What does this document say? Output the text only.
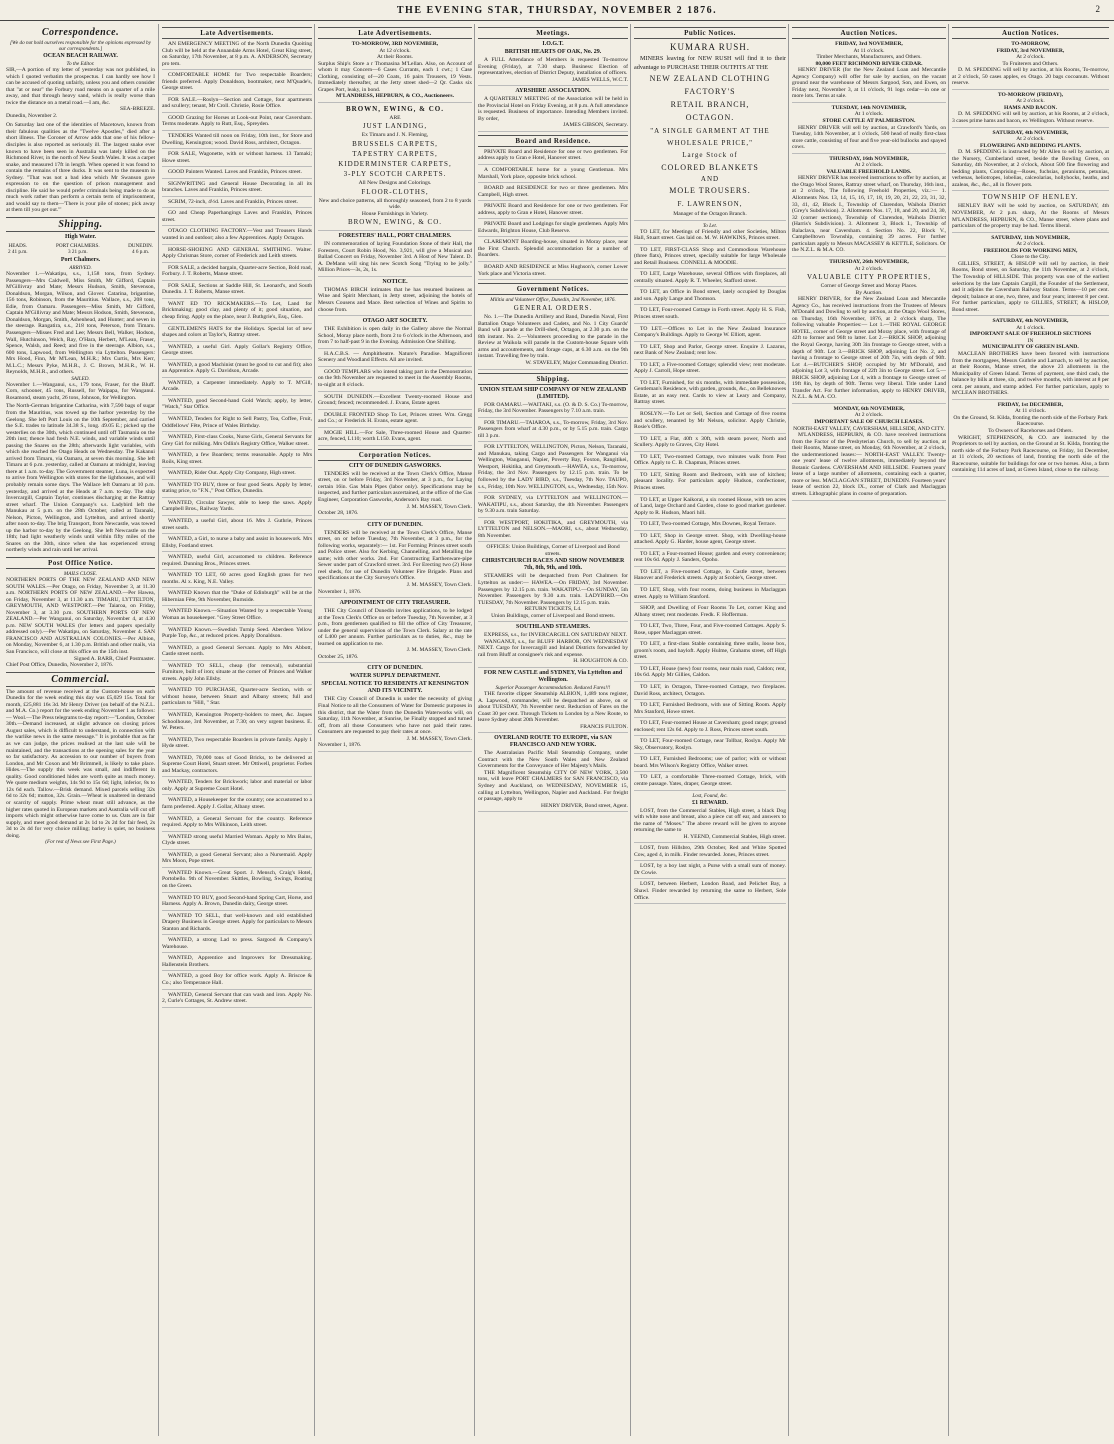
THE EVENING STAR, THURSDAY, NOVEMBER 2 1876.	2
Correspondence.
[We do not hold ourselves responsible for the opinions expressed by our correspondents.]
OCEAN BEACH RAILWAY.
To the Editor.
SIR,—A portion of my letter of yesterday was not published, in which I quoted verbatim the prospectus. I can hardly see how I can be accused of quoting unfairly, unless you and others consider that "at or near" the Forbury road means on a quarter of a mile away, and that through heavy sand, which is really worse than twice the distance on a metal road.—I am, &c.
SEA-BREEZE.
Dunedin, November 2.
On Saturday last one of the identities of Macetown, known from their fabulous qualities as the "Twelve Apostles," died after a short illness. The Coroner of Arrow adds that one of his fellow-disciples is also reported as seriously ill. The largest snake ever known to have been seen in Australia was lately killed on the Richmond River, in the north of New South Wales. It was a carpet snake, and measured 17ft in length. When opened it was found to contain the remains of three ducks. It was sent to the museum in Sydney. "That was not a bad idea which Mr Swanson gave expression to on the question of prison management and discipline. He said he would prefer criminals being made to do as much work rather than perform a certain term of imprisonment, and would say to them—'There is your pile of stones; pick away at them till you get out.'"
Shipping.
High Water.
HEADS.
2 41 p.m.
PORT CHALMERS.
3 21 p.m.
DUNEDIN.
4 6 p.m.
Port Chalmers.
ARRIVED.
November 1.—Wakatipu, s.s., 1,158 tons, from Sydney. Passengers—Mrs Caldwell, Miss Smith, Mr Gifford, Captain M'Gillivray and Mate; Messrs Hudson, Smith, Stevenson, Donaldson, Morgan, Wilson, and Glover. Catarina, brigantine, 156 tons, Robinson, from the Mauritius. Wallace, s.s., 208 tons, Edie, from Oamaru. Passengers—Miss Smith, Mr Gifford, Captain M'Gillivray and Mate; Messrs Hodson, Smith, Stevenson, Donaldson, Morgan, Smith, Ashenhead, and Hunter; and seven in the steerage. Rangatira, s.s., 218 tons, Peterson, from Timaru. Passengers—Misses Fred and Lee; Messrs Bell, Walker, Hodson, Wall, Hutchinson, Welch, Ray, O'Hara, Herbert, M'Lean, Fraser, Spence, Walsh, and Reed; and five in the steerage. Albion, s.s., 600 tons, Lapwood, from Wellington via Lyttelton. Passengers: Mrs Hood, Finn, Mr M'Lean, M.H.R.; Mrs Curtis, Mrs Kerr, M.L.C.; Messrs Pyke, M.H.R., J. C. Brown, M.H.R., W. H. Reynolds, M.H.R., and others.
SAILED.
November 1.—Wanganui, s.s., 179 tons, Fraser, for the Bluff. Corn, schooner, 45 tons, Russell, for Waipapa, for Wanganui. Rosamond, steam yacht, 26 tons, Johnson, for Wellington.
The North-German brigantine Catharina, with 7,590 bags of sugar from the Mauritius, was towed up the harbor yesterday by the Geelong. She left Port Louis on the 10th September, and carried the S.E. trades to latitude 34.38 S., long. 49.05 E.; picked up the westerlies on the 30th, which continued until off Tasmania on the 20th inst; thence had fresh N.E. winds, and variable winds until passing the Snares on the 28th; afterwards light variables, with which she reached the Otago Heads on Wednesday. The Kakanui arrived from Timaru, via Oamaru, at seven this morning. She left Timaru at 6 p.m. yesterday, called at Oamaru at midnight, leaving there at 1 a.m. to-day. The Government steamer, Luna, is expected to arrive from Wellington with stores for the lighthouses, and will probably remain some days. The Wallace left Oamaru at 10 p.m. yesterday, and arrived at the Heads at 7 a.m. to-day. The ship Invercargill, Captain Taylor, continues discharging at the Rattray street wharf. The Union Company's s.s. Ladybird left the Manukau at 5 p.m. on the 28th October, called at Taranaki, Nelson, Picton, Wellington, and Lyttelton, and arrived shortly after noon to-day. The brig Transport, from Newcastle, was towed up the harbor to-day by the Geelong. She left Newcastle on the 18th; had light weatherly winds until within fifty miles of the Snares on the 30th, since when she has experienced strong northerly winds and rain until her arrival.
Post Office Notice.
MAILS CLOSE.
NORTHERN PORTS OF THE NEW ZEALAND AND NEW SOUTH WALES.—Per Otago, on Friday, November 3, at 11.30 a.m. NORTHERN PORTS OF NEW ZEALAND.—Per Hawea, on Friday, November 3, at 11.30 a.m. TIMARU, LYTTELTON, GREYMOUTH, AND WESTPORT.—Per Taiaroa, on Friday, November 3, at 3.30 p.m. SOUTHERN PORTS OF NEW ZEALAND.—Per Wanganui, on Saturday, November 4, at 4.30 p.m. NEW SOUTH WALES (for letters and papers specially addressed only).—Per Wakatipu, on Saturday, November 4. SAN FRANCISCO AND AUSTRALIAN COLONIES.—Per Albion, on Monday, November 6, at 1.30 p.m. British and other mails, via San Francisco, will close at this office on the 15th inst.
Signed A. BARR, Chief Postmaster.
Chief Post Office, Dunedin, November 2, 1876.
Commercial.
The amount of revenue received at the Custom-house on each Dunedin for the week ending this day was £5,029 15s. Total for month, £25,881 16s 3d. Mr Henry Driver (on behalf of the N.Z.L. and M.A. Co.) report for the week ending November 1 as follows:— Wool.—The Press telegrams to-day report:—"London, October 30th.—Demand increased, at slight advance on closing prices August sales, which is difficult to understand, in connection with the warlike news in the same message." It is probable that as far as we can judge, the prices realised at the last sale will be maintained, and the transactions at the opening sales for the year so far satisfactory. As accession to our number of buyers from London, and Mr Coxon and Mr Brimmell, is likely to take place. Hides.—The supply this week was small, and indifferent in quality. Good conditioned hides are worth quite as much money. We quote medium weights, 14s 9d to 15s 6d; light, inferior, 8s to 12s 6d each. Tallow.—Brisk demand. Mixed parcels selling 32s 6d to 32s 6d; mutton, 32s. Grain.—Wheat is unaltered in demand or scarcity of supply. Prime wheat must still advance, as the higher rates quoted in European markets and Australia will cut off imports which might otherwise have come to us. Oats are in fair supply, and meet good demand at 2s 1d to 2s 2d for fair feed, 2s 3d to 2s 4d for very choice milling; barley is quiet, no business doing.
(For rest of News see First Page.)
Late Advertisements.
AN EMERGENCY MEETING of the North Dunedin Quoiting Club will be held at the Annandale Arms Hotel, Great King street, on Saturday, 17th November, at 8 p.m. A. ANDERSON, Secretary pro tem.
COMFORTABLE HOME for Two respectable Boarders; friends preferred. Apply Donaldson, bootmaker, next M'Quade's, George street.
FOR SALE.—Roslyn—Section and Cottage, four apartments and scullery; tenant, Mr Croll. Christie, Rosie Office.
GOOD Grazing for Horses at Look-out Point, near Caversham. Terms moderate. Apply to Rutt, Esq., Spreyden.
TENDERS Wanted till noon on Friday, 10th inst., for Store and Dwelling, Kensington; wood. David Ross, architect, Octagon.
FOR SALE, Wagonette, with or without harness. 13 Tamaki; Howe street.
GOOD Painters Wanted. Laves and Franklin, Princes street.
SIGNWRITING and General House Decorating in all its branches. Laves and Franklin, Princes street.
SCRIM, 72-inch, 4½d. Laves and Franklin, Princes street.
GO and Cheap Paperhangings Laves and Franklin, Princes street.
OTAGO CLOTHING FACTORY.—Vest and Trousers Hands wanted in and outdoor; also a few Apprentices. Apply Octagon.
HORSE-SHOEING AND GENERAL SMITHING. Walter. Apply Chrismas Store, corner of Frederick and Leith streets.
FOR SALE, a decided bargain, Quarter-acre Section, Bold road, Forbury. J. T. Roberts, Manse street.
FOR SALE, Sections at Saddle Hill, St. Leonard's, and South Dunedin. J. T. Roberts, Manse street.
WANT ED TO RICKMAKERS.—To Let, Land for Brickmaking; good clay, and plenty of it; good situation, and cheap firing. Apply on the place, near J. Buthgrie's, Esq., Glen.
GENTLEMEN'S HATS for the Holidays. Special lot of new shapes and colors at Taylor's, Rattray street.
WANTED, a useful Girl. Apply Gollar's Registry Office, George street.
WANTED, a good Machinist (must be good to cut and fit); also an Apprentice. Apply G. Davidson, Arcade.
WANTED, a Carpenter immediately. Apply to T. M'Gill, Arcade.
WANTED, good Second-hand Gold Watch; apply, by letter, "Watch," Star Office.
WANTED, Tenders for Right to Sell Pastry, Tea, Coffee, Fruit, Oddfellows' Fête, Prince of Wales Birthday.
WANTED, First-class Cooks, Nurse Girls, General Servants for Grey Girl for milking. Mrs Odlin's Registry Office, Walker street.
WANTED, a few Boarders; terms reasonable. Apply to Mrs Roils, King street.
WANTED, Rider Out. Apply City Company, High street.
WANTED TO BUY, three or four good Seats. Apply by letter, stating price, to "F.N.," Post Office, Dunedin.
WANTED, Circular Sawyer, able to keep the saws. Apply Campbell Bros., Railway Yards.
WANTED, a useful Girl, about 16. Mrs J. Guthrie, Princes street south.
WANTED, a Girl, to nurse a baby and assist in housework. Mrs Ellsby, Footland street.
WANTED, useful Girl, accustomed to children. Reference required. Dunning Bros., Princes street.
WANTED TO LET, 60 acres good English grass for two months. Al x. King, N.E. Valley.
WANTED Known that the "Duke of Edinburgh" will be at the Hibernian Fête, 9th November, Burnside.
WANTED Known.—Situation Wanted by a respectable Young Woman as housekeeper. "Grey Street Office.
WANTED Known.—Swedish Turnip Seed. Aberdeen Yellow Purple Top, &c., at reduced prices. Apply Donaldson.
WANTED, a good General Servant. Apply to Mrs Abbott, Castle street north.
WANTED TO SELL, cheap (for removal), substantial Furniture, built of iron; situate at the corner of Princes and Walker streets. Apply John Ellsby.
WANTED TO PURCHASE, Quarter-acre Section, with or without house, between Stuart and Albany streets; full and particulars to "Hill, " Star.
WANTED, Kensington Property-holders to meet, &c. Jaques Schoolhouse, 3rd November, at 7.30; on very urgent business. E. W. Peters.
WANTED, Two respectable Boarders in private family. Apply 1 Hyde street.
WANTED, 70,000 tons of Good Bricks, to be delivered at Supreme Court Hotel, Stuart street. Mr Ottiwell, proprietor. Forbes and Mackay, contractors.
WANTED, Tenders for Brickwork; labor and material or labor only. Apply at Supreme Court Hotel.
WANTED, a Housekeeper for the country; one accustomed to a farm preferred. Apply J. Gollar, Albany street.
WANTED, a General Servant for the country. Reference required. Apply to Mrs Wilkinson, Leith street.
WANTED strong useful Married Woman. Apply to Mrs Bains, Clyde street.
WANTED, a good General Servant; also a Nursemaid. Apply Mrs Moon, Pope street.
WANTED Known.—Great Sport. J. Mensch, Craig's Hotel, Portobello. 9th of November. Skittles, Bowling, Swings, Boating on the Green.
WANTED TO BUY, good Second-hand Spring Cart, Horse, and Harness. Apply A. Brown, Dunedin dairy, George street.
WANTED TO SELL, that well-known and old established Drapery Business in George street. Apply for particulars to Messrs Stanton and Richards.
WANTED, a strong Lad to press. Sargood & Company's Warehouse.
WANTED, Apprentice and Improvers for Dressmaking. Hallenstein Brothers.
WANTED, a good Boy for office work. Apply A. Briscoe & Co.; also Temperance Hall.
WANTED, General Servant that can wash and iron. Apply No. 2, Curle's Cottages, St. Andrew street.
Late Advertisements.
TO-MORROW, 3RD NOVEMBER,
At 12 o'clock.
At their Rooms.
Surplus Ship's Store a r Thomasina M'Lellan. Also, on Account of whom it may Concern—6 Cases Currants, each 1 cwt.; 1 Case Clothing, consisting of—20 Coats, 16 pairs Trousers, 19 Vests. Immediately thereafter, at the Jetty street shed—2 Qr. Casks six Grapes Port, leaky, in bond.
M'LANDRESS, HEPBURN, & CO., Auctioneers.
BROWN, EWING, & CO.
ARE
JUST LANDING,
Ex Timaru and J. N. Fleming,
BRUSSELS CARPETS,
TAPESTRY CARPETS,
KIDDERMINSTER CARPETS,
3-PLY SCOTCH CARPETS.
All New Designs and Colorings.
FLOOR-CLOTHS,
New and choice patterns, all thoroughly seasoned, from 2 to 8 yards wide.
House Furnishings in Variety.
BROWN, EWING, & CO.
FORESTERS' HALL, PORT CHALMERS.
IN commemoration of laying Foundation Stone of their Hall, the Foresters, Court Robin Hood, No. 3,921, will give a Musical and Ballad Concert on Friday, November 3rd. A Host of New Talent. D. A. DeMann will sing his new Scotch Song "Trying to be jolly." Million Prices—3s, 2s, 1s.
NOTICE.
THOMAS BIRCH intimates that he has resumed business as Wine and Spirit Merchant, in Jetty street, adjoining the hotels of Messrs Cousens and Mace. Best selection of Wines and Spirits to choose from.
OTAGO ART SOCIETY.
THE Exhibition is open daily in the Gallery above the Normal School, Moray place north, from 2 to 6 o'clock in the Afternoon, and from 7 to half-past 9 in the Evening. Admission One Shilling.
H.A.C.B.S. — Amphitheatre. Nature's Paradise. Magnificent Scenery and Woodland Effects. All are invited.
GOOD TEMPLARS who intend taking part in the Demonstration on the 9th November are requested to meet in the Assembly Rooms, to-night at 8 o'clock.
SOUTH DUNEDIN.—Excellent Twenty-roomed House and Ground; fenced; recommended. J. Evans, Estate agent.
DOUBLE FRONTED Shop To Let, Princes street. Wm. Gregg and Co.; or Frederick H. Evans, estate agent.
MOGIE HILL.—For Sale, Three-roomed House and Quarter-acre, fenced, L110; worth L150. Evans, agent.
Corporation Notices.
CITY OF DUNEDIN GASWORKS.
TENDERS will be received at the Town Clerk's Office, Manse street, on or before Friday, 3rd November, at 3 p.m., for Laying certain 16in. Gas Main Pipes (labor only). Specifications may be inspected, and further particulars ascertained, at the office of the Gas Engineer, Corporation Gasworks, Anderson's Bay road.
J. M. MASSEY, Town Clerk.
October 28, 1876.
CITY OF DUNEDIN.
TENDERS will be received at the Town Clerk's Office, Manse street, on or before Tuesday, 7th November, at 3 p.m., for the following works, separately:— 1st. For Forming Princes street south and Police street. Also for Kerbing, Channelling, and Metalling the same; with other works. 2nd. For Constructing Earthenware-pipe Sewer under part of Crawford street. 3rd. For Erecting two (2) Hose reel sheds, for use of Dunedin Volunteer Fire Brigade. Plans and specifications at the City Surveyor's Office.
J. M. MASSEY, Town Clerk.
November 1, 1876.
APPOINTMENT OF CITY TREASURER.
THE City Council of Dunedin invites applications, to be lodged at the Town Clerk's Office on or before Tuesday, 7th November, at 3 p.m., from gentlemen qualified to fill the office of City Treasurer, under the general supervision of the Town Clerk. Salary at the rate of L400 per annum. Further particulars as to duties, &c., may be learned on application to me.
J. M. MASSEY, Town Clerk.
October 25, 1876.
CITY OF DUNEDIN.
WATER SUPPLY DEPARTMENT.
SPECIAL NOTICE TO RESIDENTS AT KENSINGTON AND ITS VICINITY.
THE City Council of Dunedin is under the necessity of giving Final Notice to all the Consumers of Water for Domestic purposes in this district, that the Water from the Dunedin Waterworks will, on Saturday, 11th November, at Sunrise, be Finally stopped and turned off, from all those Consumers who have not paid their rates. Consumers are requested to pay their rates at once.
J. M. MASSEY, Town Clerk.
November 1, 1876.
Meetings.
I.O.G.T.
BRITISH HEARTS OF OAK, No. 29.
A FULL Attendance of Members is requested To-morrow Evening (Friday), at 7.30 sharp. Business: Election of representatives, election of District Deputy, installation of officers.
JAMES WELLS, W.C.T.
AYRSHIRE ASSOCIATION.
A QUARTERLY MEETING of the Association will be held in the Provincial Hotel on Friday Evening, at 8 p.m. A full attendance is requested. Business of importance. Intending Members invited. By order,
JAMES GIBSON, Secretary.
Board and Residence.
PRIVATE Board and Residence for one or two gentlemen. For address apply to Gran e Hotel, Hanover street.
A COMFORTABLE home for a young Gentleman. Mrs Marshall, York place, opposite brick school.
BOARD and RESIDENCE for two or three gentlemen. Mrs Campbell, High street.
PRIVATE Board and Residence for one or two gentlemen. For address, apply to Gran e Hotel, Hanover street.
PRIVATE Board and Lodgings for single gentlemen. Apply Mrs Edwards, Brighton House, Club Reserve.
CLAREMONT Boarding-house, situated in Moray place, near the First Church. Splendid accommodation for a number of Boarders.
BOARD AND RESIDENCE at Miss Hughson's, corner Lower York place and Victoria street.
Government Notices.
Militia and Volunteer Office, Dunedin, 2nd November, 1876.
GENERAL ORDERS.
No. 1.—The Dunedin Artillery and Band, Dunedin Naval, First Battalion Otago Volunteers and Cadets, and No. 1 City Guards' Band will parade at the Drill-shed, Octagon, at 2.30 p.m. on the 8th instant. No. 2.—Volunteers proceeding to the parade in the Review at Waikola will parade in the Custom-house Square with arms and accoutrements, and forage caps, at 6.30 a.m. on the 9th instant. Travelling free by train.
W. STAVELEY, Major Commanding District.
Shipping.
UNION STEAM SHIP COMPANY OF NEW ZEALAND (LIMITED).
FOR OAMARU.—WAITAKI, s.s. (O. & D. S. Co.) To-morrow, Friday, the 3rd November. Passengers by 7.10 a.m. train.
FOR TIMARU.—TAIAROA, s.s., To-morrow, Friday, 3rd Nov. Passengers from wharf at 4.30 p.m., or by 5.15 p.m. train. Cargo till 3 p.m.
FOR LYTTELTON, WELLINGTON, Picton, Nelson, Taranaki, and Manukau, taking Cargo and Passengers for Wanganui via Wellington, Wanganui, Napier, Poverty Bay, Foxton, Rangitikei, Westport, Hokitika, and Greymouth.—HAWEA, s.s., To-morrow, Friday, the 3rd Nov. Passengers by 12.15 p.m. train. To be followed by the LADY BIRD, s.s., Tuesday, 7th Nov. TAUPO, s.s., Friday, 10th Nov. WELLINGTON, s.s., Wednesday, 15th Nov.
FOR SYDNEY, via LYTTELTON and WELLINGTON.—WAKATIPU, s.s., about Saturday, the 4th November. Passengers by 9.30 a.m. train Saturday.
FOR WESTPORT, HOKITIKA, and GREYMOUTH, via LYTTELTON and NELSON.—MAORI, s.s., about Wednesday, 8th November.
OFFICES: Union Buildings, Corner of Liverpool and Bond streets.
CHRISTCHURCH RACES AND SHOW NOVEMBER 7th, 8th, 9th, and 10th.
STEAMERS will be despatched from Port Chalmers for Lyttelton as under:— HAWEA.—On FRIDAY, 3rd November. Passengers by 12.15 p.m. train. WAKATIPU.—On SUNDAY, 5th November. Passengers by 9.30 a.m. train. LADYBIRD.—On TUESDAY, 7th November. Passengers by 12.15 p.m. train.
RETURN TICKETS, L4.
Union Buildings, corner of Liverpool and Bond streets.
SOUTHLAND STEAMERS.
EXPRESS, s.s., for INVERCARGILL ON SATURDAY NEXT.
WANGANUI, s.s., for BLUFF HARBOR, ON WEDNESDAY NEXT. Cargo for Invercargill and Inland Districts forwarded by rail from Bluff at consignee's risk and expense.
H. HOUGHTON & CO.
FOR NEW CASTLE and SYDNEY, Via Lyttelton and Wellington.
Superior Passenger Accommodation. Reduced Fares!!!
THE favorite clipper Steamship ALBION, 1,489 tons register, A. Lapwood, commander, will be despatched as above, on or about TUESDAY, 7th November next. Reduction of Fares on the Coast 30 per cent. Through Tickets to London by a New Route, to leave Sydney about 20th November.
FRANCIS FULTON.
OVERLAND ROUTE TO EUROPE, via SAN FRANCISCO AND NEW YORK.
The Australasian Pacific Mail Steamship Company, under Contract with the New South Wales and New Zealand Governments for the Conveyance of Her Majesty's Mails.
THE Magnificent Steamship CITY OF NEW YORK, 3,500 tons, will leave PORT CHALMERS for SAN FRANCISCO, via Sydney and Auckland, on WEDNESDAY, NOVEMBER 15, calling at Lyttelton, Wellington, Napier and Auckland. For freight or passage, apply to
HENRY DRIVER, Bond street, Agent.
Public Notices.
KUMARA RUSH.
MINERS leaving for NEW RUSH will find it to their advantage to PURCHASE THEIR OUTFITS AT THE
NEW ZEALAND CLOTHING
FACTORY'S
RETAIL BRANCH,
OCTAGON.
"A SINGLE GARMENT AT THE WHOLESALE PRICE,"
Large Stock of
COLORED BLANKETS
AND
MOLE TROUSERS.
F. LAWRENSON,
Manager of the Octagon Branch.
To Let.
TO LET, for Meetings of Friendly and other Societies, Milton Hall, Stuart street. Gas laid on. M. W. HAWKINS, Princes street.
TO LET, FIRST-CLASS Shop and Commodious Warehouse (three flats), Princes street, specially suitable for large Wholesale and Retail Business. CONNELL & MOODIE.
TO LET, Large Warehouse, several Offices with fireplaces, all centrally situated. Apply R. T. Wheeler, Stafford street.
TO LET, an Office in Bond street, lately occupied by Douglas and son. Apply Lange and Thomson.
TO LET, Four-roomed Cottage in Forth street. Apply H. S. Fish, Princes street south.
TO LET.—Offices to Let in the New Zealand Insurance Company's Buildings. Apply to George W. Elliott, agent.
TO LET, Shop and Parlor, George street. Enquire J. Lazarus, next Bank of New Zealand; rent low.
TO LET, a Five-roomed Cottage; splendid view; rent moderate. Apply J. Carroll, Hope street.
TO LET, Furnished, for six months, with immediate possession, Gentleman's Residence, with garden, grounds, &c., on Belleknowes Estate, at an easy rent. Cards to view at Leary and Company, Rattray street.
ROSLYN.—To Let or Sell, Section and Cottage of five rooms and scullery, tenanted by Mr Nelson, solicitor. Apply Christie, Rosie's Office.
TO LET, a Flat, 40ft x 30ft, with steam power, North and Scullery. Apply to Graves, City Hotel.
TO LET, Two-roomed Cottage, two minutes walk from Post Office. Apply to C. B. Chapman, Princes street.
TO LET, Sitting Room and Bedroom, with use of kitchen; pleasant locality. For particulars apply Hudson, confectioner, Princes street.
TO LET, at Upper Kaikorai, a six roomed House, with ten acres of Land, large Orchard and Garden, close to good market gardener. Apply to R. Hudson, Maori hill.
TO LET, Two-roomed Cottage, Mrs Downes, Royal Terrace.
TO LET, Shop in George street. Shop, with Dwelling-house attached. Apply G. Harder, house agent, George street.
TO LET, a Four-roomed House; garden and every convenience; rent 10s 6d. Apply J. Sanders, Opoho.
TO LET, a Five-roomed Cottage, in Castle street, between Hanover and Frederick streets. Apply at Scobie's, George street.
TO LET, Shop, with four rooms, doing business in Maclaggan street. Apply to William Stanford.
SHOP, and Dwelling of Four Rooms To Let, corner King and Albany street; rent moderate. Fredk. F. Hofferman.
TO LET, Two, Three, Four, and Five-roomed Cottages. Apply S. Rose, upper Maclaggan street.
TO LET, a first-class Stable containing three stalls, loose box, groom's room, and hayloft. Apply Hulme, Grahams street, off High street.
TO LET, House (new) four rooms, near main road, Caldon; rent, 10s 6d. Apply Mr Gillies, Caldon.
TO LET, in Octagon, Three-roomed Cottage, two fireplaces. David Ross, architect, Octagon.
TO LET, Furnished Bedroom, with use of Sitting Room. Apply Mrs Stanford, Howe street.
TO LET, Four-roomed House at Caversham; good range; ground enclosed; rent 12s 6d. Apply to J. Ross, Princes street south.
TO LET, Four-roomed Cottage, near Tollbar, Roslyn. Apply Mr Sky, Observatory, Roslyn.
TO LET, Furnished Bedrooms; use of parlor; with or without board. Mrs Wilson's Registry Office, Walker street.
TO LET, a comfortable Three-roomed Cottage, brick, with centre passage. Yates, draper, George street.
Lost, Found, &c.
£1 REWARD.
LOST, from the Commercial Stables, High street, a black Dog with white nose and breast, also a piece cut off ear, and answers to the name of "Moses." The above reward will be given to anyone returning the same to
H. YEEND, Commercial Stables, High street.
LOST, from Hillsbro, 29th October, Red and White Spotted Cow, aged 4, in milk. Finder rewarded. Jones, Princes street.
LOST, by a boy last night, a Purse with a small sum of money. Dr Cowie.
LOST, between Herbert, London Road, and Pelichet Bay, a Shawl. Finder rewarded by returning the same to Herbert, Sole Office.
Auction Notices.
FRIDAY, 3rd NOVEMBER,
At 11 o'clock.
Timber Merchants, Manufacturers, and Others.
80,000 FEET RICHMOND RIVER CEDAR.
HENRY DRIVER (for the New Zealand Loan and Mercantile Agency Company) will offer for sale by auction, on the vacant ground near the warehouse of Messrs Sargood, Son, and Ewen, on Friday next, November 3, at 11 o'clock, 91 logs cedar—in one or more lots. Terms at sale.
TUESDAY, 14th NOVEMBER,
At 1 o'clock.
STORE CATTLE AT PALMERSTON.
HENRY DRIVER will sell by auction, at Crawford's Yards, on Tuesday, 14th November, at 1 o'clock, 500 head of really first-class store cattle, consisting of four and five year-old bullocks and spayed cows.
THURSDAY, 16th NOVEMBER,
At 2 o'clock.
VALUABLE FREEHOLD LANDS.
HENRY DRIVER has received instructions to offer by auction, at the Otago Wool Stores, Rattray street wharf, on Thursday, 16th inst., at 2 o'clock, The following Freehold Properties, viz.:— 1. Allotments Nos. 13, 14, 15, 16, 17, 18, 19, 20, 21, 22, 23, 31, 32, 33, 41, 42, Block I., Township of Clarendon, Waihola District (Grey's Subdivision). 2. Allotments Nos. 17, 18, and 20, and 24, 30, 32 (corner sections), Township of Clarendon, Waihola District (Harris's Subdivision). 3. Allotment 3, Block I., Township of Balaclava, near Caversham. 4. Section No. 22, Block V., Campbelltown Township, containing 39 acres. For further particulars apply to Messrs MACASSEY & KETTLE, Solicitors. Or the N.Z.L. & M.A. CO.
THURSDAY, 26th NOVEMBER,
At 2 o'clock.
VALUABLE CITY PROPERTIES,
Corner of George Street and Moray Places.
By Auction.
HENRY DRIVER, for the New Zealand Loan and Mercantile Agency Co., has received instructions from the Trustees of Messrs M'Donald and Dowling to sell by auction, at the Otago Wool Stores, on Thursday, 16th November, 1876, at 2 o'clock sharp, The following valuable Properties:— Lot 1.—THE ROYAL GEORGE HOTEL, corner of George street and Moray place, with frontage of 42ft to former and 96ft to latter. Lot 2.—BRICK SHOP, adjoining the Royal George, having 30ft 3in frontage to George street, with a depth of 90ft. Lot 3.—BRICK SHOP, adjoining Lot No. 2, and having a frontage to George street of 20ft 7in, with depth of 90ft. Lot 4.—BUTCHER'S SHOP, occupied by Mr M'Donald, and adjoining Lot 3, with frontage of 22ft 3in to George street. Lot 5.—BRICK SHOP, adjoining Lot 4, with a frontage to George street of 19ft 8in, by depth of 90ft. Terms very liberal. Title under Land Transfer Act. For further information, apply to HENRY DRIVER, N.Z.L. & M.A. CO.
MONDAY, 6th NOVEMBER,
At 2 o'clock.
IMPORTANT SALE OF CHURCH LEASES.
NORTH-EAST VALLEY, CAVERSHAM, HILLSIDE, AND CITY.
M'LANDRESS, HEPBURN, & CO. have received instructions from the Factor of the Presbyterian Church, to sell by auction, at their Rooms, Manse street, on Monday, 6th November, at 2 o'clock, the undermentioned leases:— NORTH-EAST VALLEY. Twenty-one years' lease of twelve allotments, immediately beyond the Botanic Gardens. CAVERSHAM AND HILLSIDE. Fourteen years' lease of a large number of allotments, containing each a quarter, more or less. MACLAGGAN STREET, DUNEDIN. Fourteen years' lease of section 22, block IX., corner of Clark and Maclaggan streets. Lithographic plans in course of preparation.
Auction Notices.
TO-MORROW,
FRIDAY, 3rd NOVEMBER,
At 2 o'clock.
To Fruiterers and Others.
D. M. SPEDDING will sell by auction, at his Rooms, To-morrow, at 2 o'clock, 50 cases apples, ex Otago. 20 bags cocoanuts. Without reserve.
TO-MORROW (FRIDAY),
At 2 o'clock.
HAMS AND BACON.
D. M. SPEDDING will sell by auction, at his Rooms, at 2 o'clock, 3 cases prime hams and bacon, ex Wellington. Without reserve.
SATURDAY, 4th NOVEMBER,
At 2 o'clock.
FLOWERING AND BEDDING PLANTS.
D. M. SPEDDING is instructed by Mr Allen to sell by auction, at the Nursery, Cumberland street, beside the Bowling Green, on Saturday, 4th November, at 2 o'clock, About 500 fine flowering and bedding plants, Comprising—Roses, fuchsias, geraniums, petunias, verbenas, heliotropes, lobelias, calceolarias, hollyhocks, heaths, and azaleas, &c., &c., all in flower pots.
TOWNSHIP OF HENLEY.
HENLEY BAY will be sold by auction, on SATURDAY, 4th NOVEMBER, At 2 p.m. sharp, At the Rooms of Messrs M'LANDRESS, HEPBURN, & CO., Manse street, where plans and particulars of the property may be had. Terms liberal.
SATURDAY, 11th NOVEMBER,
At 2 o'clock.
FREEHOLDS FOR WORKING MEN,
Close to the City.
GILLIES, STREET, & HISLOP will sell by auction, in their Rooms, Bond street, on Saturday, the 11th November, at 2 o'clock, The Township of HILLSIDE. This property was one of the earliest selections by the late Captain Cargill, the Founder of the Settlement, and it adjoins the Caversham Railway Station. Terms—10 per cent. deposit; balance at one, two, three, and four years; interest 8 per cent. For further particulars, apply to GILLIES, STREET, & HISLOP, Bond street.
SATURDAY, 4th NOVEMBER,
At 1 o'clock.
IMPORTANT SALE OF FREEHOLD SECTIONS
IN
MUNICIPALITY OF GREEN ISLAND.
MACLEAN BROTHERS have been favored with instructions from the mortgagees, Messrs Guthrie and Larnach, to sell by auction, at their Rooms, Manse street, the above 23 allotments in the Municipality of Green Island. Terms of payment, one third cash, the balance by bills at three, six, and twelve months, with interest at 8 per cent. per annum, and stamp added. For further particulars, apply to M'CLEAN BROTHERS.
FRIDAY, 1st DECEMBER,
At 11 o'clock.
On the Ground, St. Kilda, fronting the north side of the Forbury Park Racecourse.
To Owners of Racehorses and Others.
WRIGHT, STEPHENSON, & CO. are instructed by the Proprietors to sell by auction, on the Ground at St. Kilda, fronting the north side of the Forbury Park Racecourse, on Friday, 1st December, at 11 o'clock, 20 sections of land, fronting the north side of the Racecourse, suitable for buildings for one or two horses. Also, a farm containing 114 acres of land, at Green Island, close to the railway.
